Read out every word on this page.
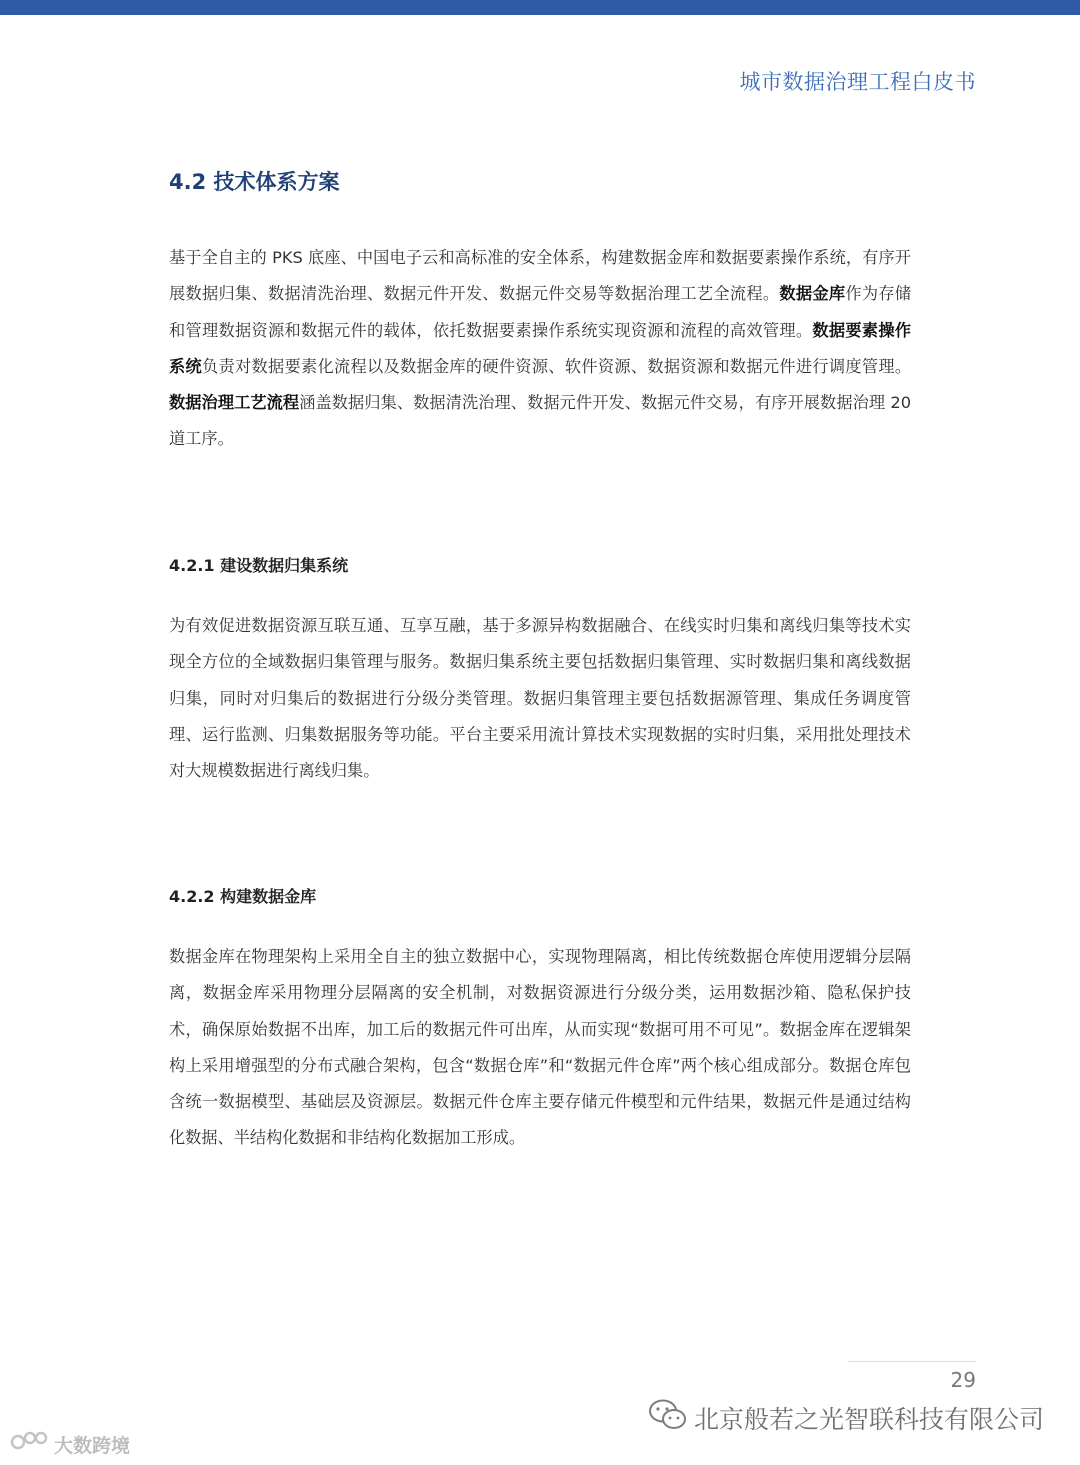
城市数据治理工程白皮书
4.2 技术体系方案
基于全自主的 PKS 底座、中国电子云和高标准的安全体系，构建数据金库和数据要素操作系统，有序开展数据归集、数据清洗治理、数据元件开发、数据元件交易等数据治理工艺全流程。数据金库作为存储和管理数据资源和数据元件的载体，依托数据要素操作系统实现资源和流程的高效管理。数据要素操作系统负责对数据要素化流程以及数据金库的硬件资源、软件资源、数据资源和数据元件进行调度管理。数据治理工艺流程涵盖数据归集、数据清洗治理、数据元件开发、数据元件交易，有序开展数据治理 20 道工序。
4.2.1 建设数据归集系统
为有效促进数据资源互联互通、互享互融，基于多源异构数据融合、在线实时归集和离线归集等技术实现全方位的全域数据归集管理与服务。数据归集系统主要包括数据归集管理、实时数据归集和离线数据归集，同时对归集后的数据进行分级分类管理。数据归集管理主要包括数据源管理、集成任务调度管理、运行监测、归集数据服务等功能。平台主要采用流计算技术实现数据的实时归集，采用批处理技术对大规模数据进行离线归集。
4.2.2 构建数据金库
数据金库在物理架构上采用全自主的独立数据中心，实现物理隔离，相比传统数据仓库使用逻辑分层隔离，数据金库采用物理分层隔离的安全机制，对数据资源进行分级分类，运用数据沙箱、隐私保护技术，确保原始数据不出库，加工后的数据元件可出库，从而实现“数据可用不可见”。数据金库在逻辑架构上采用增强型的分布式融合架构，包含“数据仓库”和“数据元件仓库”两个核心组成部分。数据仓库包含统一数据模型、基础层及资源层。数据元件仓库主要存储元件模型和元件结果，数据元件是通过结构化数据、半结构化数据和非结构化数据加工形成。
29
北京般若之光智联科技有限公司
大数跨境
